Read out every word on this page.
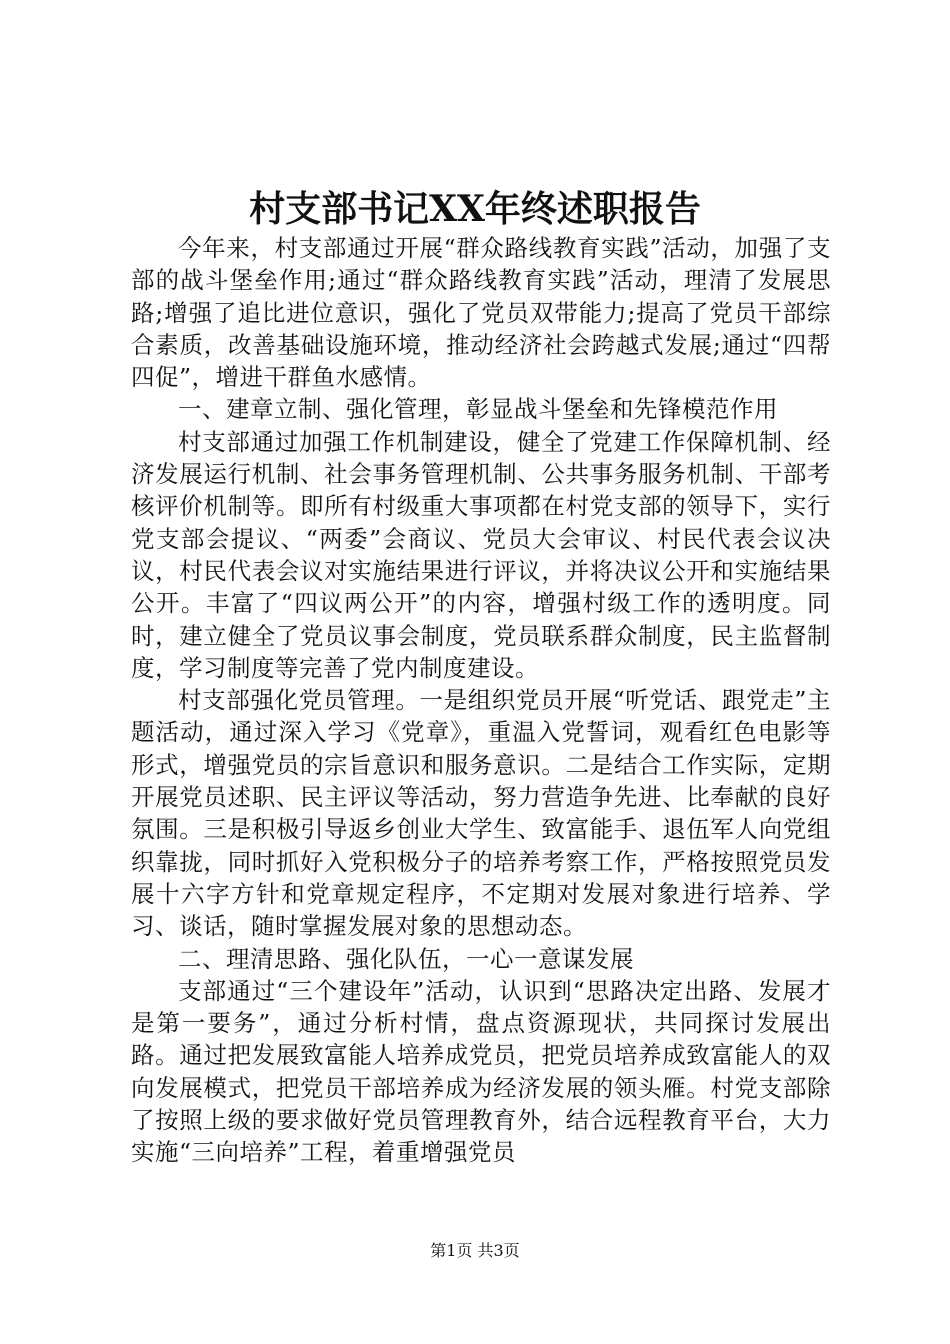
村支部书记XX年终述职报告

今年来，村支部通过开展“群众路线教育实践”活动，加强了支部的战斗堡垒作用;通过“群众路线教育实践”活动，理清了发展思路;增强了追比进位意识，强化了党员双带能力;提高了党员干部综合素质，改善基础设施环境，推动经济社会跨越式发展;通过“四帮四促”，增进干群鱼水感情。

一、建章立制、强化管理，彰显战斗堡垒和先锋模范作用

村支部通过加强工作机制建设，健全了党建工作保障机制、经济发展运行机制、社会事务管理机制、公共事务服务机制、干部考核评价机制等。即所有村级重大事项都在村党支部的领导下，实行党支部会提议、“两委”会商议、党员大会审议、村民代表会议决议，村民代表会议对实施结果进行评议，并将决议公开和实施结果公开。丰富了“四议两公开”的内容，增强村级工作的透明度。同时，建立健全了党员议事会制度，党员联系群众制度，民主监督制度，学习制度等完善了党内制度建设。

村支部强化党员管理。一是组织党员开展“听党话、跟党走”主题活动，通过深入学习《党章》，重温入党誓词，观看红色电影等形式，增强党员的宗旨意识和服务意识。二是结合工作实际，定期开展党员述职、民主评议等活动，努力营造争先进、比奉献的良好氛围。三是积极引导返乡创业大学生、致富能手、退伍军人向党组织靠拢，同时抓好入党积极分子的培养考察工作，严格按照党员发展十六字方针和党章规定程序，不定期对发展对象进行培养、学习、谈话，随时掌握发展对象的思想动态。

二、理清思路、强化队伍，一心一意谋发展

支部通过“三个建设年”活动，认识到“思路决定出路、发展才是第一要务”，通过分析村情，盘点资源现状，共同探讨发展出路。通过把发展致富能人培养成党员，把党员培养成致富能人的双向发展模式，把党员干部培养成为经济发展的领头雁。村党支部除了按照上级的要求做好党员管理教育外，结合远程教育平台，大力实施“三向培养”工程，着重增强党员

第1页 共3页
